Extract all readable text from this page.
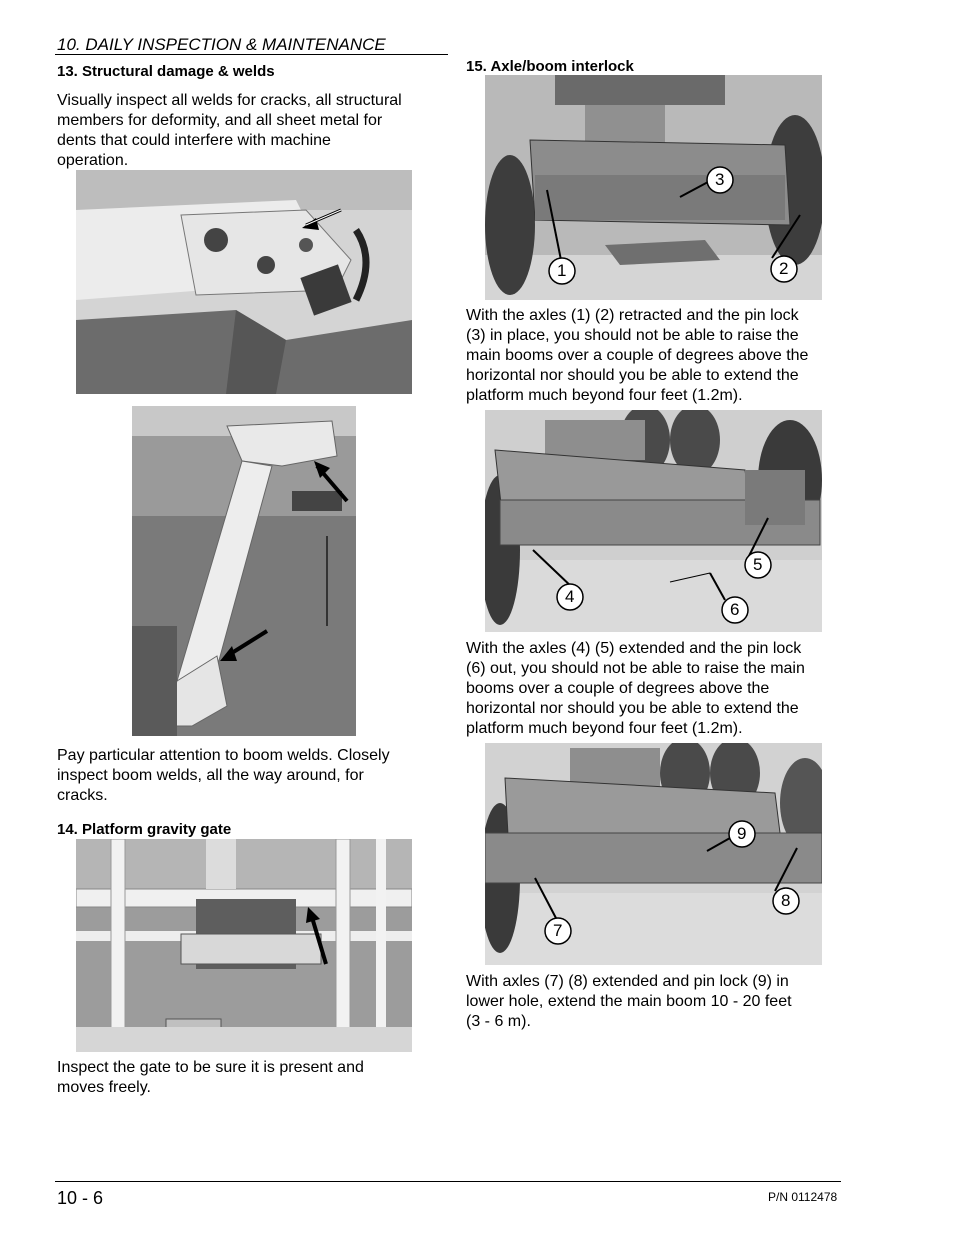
10. DAILY INSPECTION & MAINTENANCE
13. Structural damage & welds
Visually inspect all welds for cracks, all structural
members for deformity, and all sheet metal for
dents that could interfere with machine
operation.
Pay particular attention to boom welds. Closely
inspect boom welds, all the way around, for
cracks.
14. Platform gravity gate
Inspect the gate to be sure it is present and
moves freely.
15. Axle/boom interlock
1	2
3
With the axles (1) (2) retracted and the pin lock
(3) in place, you should not be able to raise the
main booms over a couple of degrees above the
horizontal nor should you be able to extend the
platform much beyond four feet (1.2m).
4
5
6
With the axles (4) (5) extended and the pin lock
(6) out, you should not be able to raise the main
booms over a couple of degrees above the
horizontal nor should you be able to extend the
platform much beyond four feet (1.2m).
7
8
9
With axles (7) (8) extended and pin lock (9) in
lower hole, extend the main boom 10 - 20 feet
(3 - 6 m).
10 - 6	P/N 0112478
